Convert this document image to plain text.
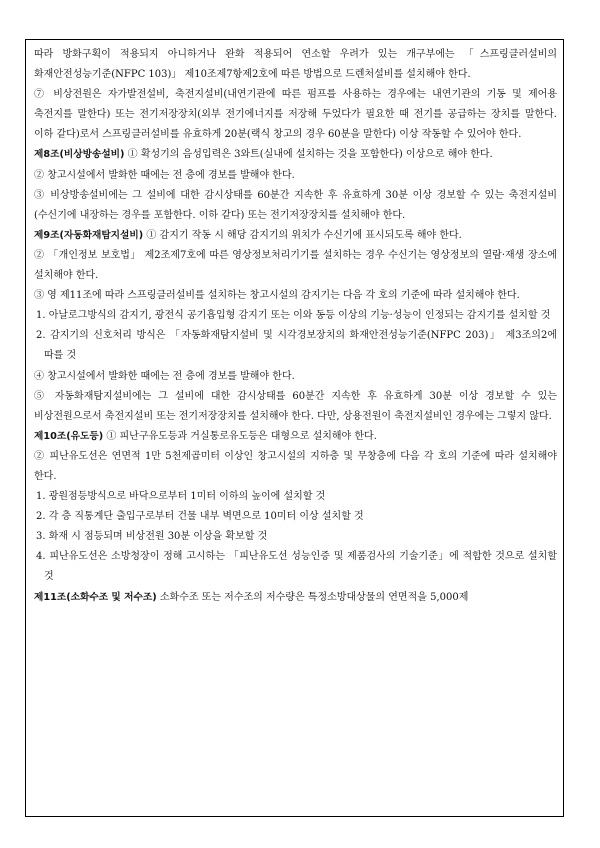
따라 방화구획이 적용되지 아니하거나 완화 적용되어 연소할 우려가 있는 개구부에는 「스프링클러설비의 화재안전성능기준(NFPC 103)」 제10조제7항제2호에 따른 방법으로 드렌처설비를 설치해야 한다.

⑦ 비상전원은 자가발전설비, 축전지설비(내연기관에 따른 펌프를 사용하는 경우에는 내연기관의 기동 및 제어용 축전지를 말한다) 또는 전기저장장치(외부 전기에너지를 저장해 두었다가 필요한 때 전기를 공급하는 장치를 말한다. 이하 같다)로서 스프링클러설비를 유효하게 20분(랙식 창고의 경우 60분을 말한다) 이상 작동할 수 있어야 한다.

제8조(비상방송설비) ① 확성기의 음성입력은 3와트(실내에 설치하는 것을 포함한다) 이상으로 해야 한다.

② 창고시설에서 발화한 때에는 전 층에 경보를 발해야 한다.

③ 비상방송설비에는 그 설비에 대한 감시상태를 60분간 지속한 후 유효하게 30분 이상 경보할 수 있는 축전지설비(수신기에 내장하는 경우를 포함한다. 이하 같다) 또는 전기저장장치를 설치해야 한다.

제9조(자동화재탐지설비) ① 감지기 작동 시 해당 감지기의 위치가 수신기에 표시되도록 해야 한다.

② 「개인정보 보호법」 제2조제7호에 따른 영상정보처리기기를 설치하는 경우 수신기는 영상정보의 열람·재생 장소에 설치해야 한다.

③ 영 제11조에 따라 스프링클러설비를 설치하는 창고시설의 감지기는 다음 각 호의 기준에 따라 설치해야 한다.

1. 아날로그방식의 감지기, 광전식 공기흡입형 감지기 또는 이와 동등 이상의 기능·성능이 인정되는 감지기를 설치할 것

2. 감지기의 신호처리 방식은 「자동화재탐지설비 및 시각경보장치의 화재안전성능기준(NFPC 203)」 제3조의2에 따를 것

④ 창고시설에서 발화한 때에는 전 층에 경보를 발해야 한다.

⑤ 자동화재탐지설비에는 그 설비에 대한 감시상태를 60분간 지속한 후 유효하게 30분 이상 경보할 수 있는 비상전원으로서 축전지설비 또는 전기저장장치를 설치해야 한다. 다만, 상용전원이 축전지설비인 경우에는 그렇지 않다.

제10조(유도등) ① 피난구유도등과 거실통로유도등은 대형으로 설치해야 한다.

② 피난유도선은 연면적 1만 5천제곱미터 이상인 창고시설의 지하층 및 무창층에 다음 각 호의 기준에 따라 설치해야 한다.

1. 광원점등방식으로 바닥으로부터 1미터 이하의 높이에 설치할 것

2. 각 층 직통계단 출입구로부터 건물 내부 벽면으로 10미터 이상 설치할 것

3. 화재 시 점등되며 비상전원 30분 이상을 확보할 것

4. 피난유도선은 소방청장이 정해 고시하는 「피난유도선 성능인증 및 제품검사의 기술기준」에 적합한 것으로 설치할 것

제11조(소화수조 및 저수조) 소화수조 또는 저수조의 저수량은 특정소방대상물의 연면적을 5,000제
